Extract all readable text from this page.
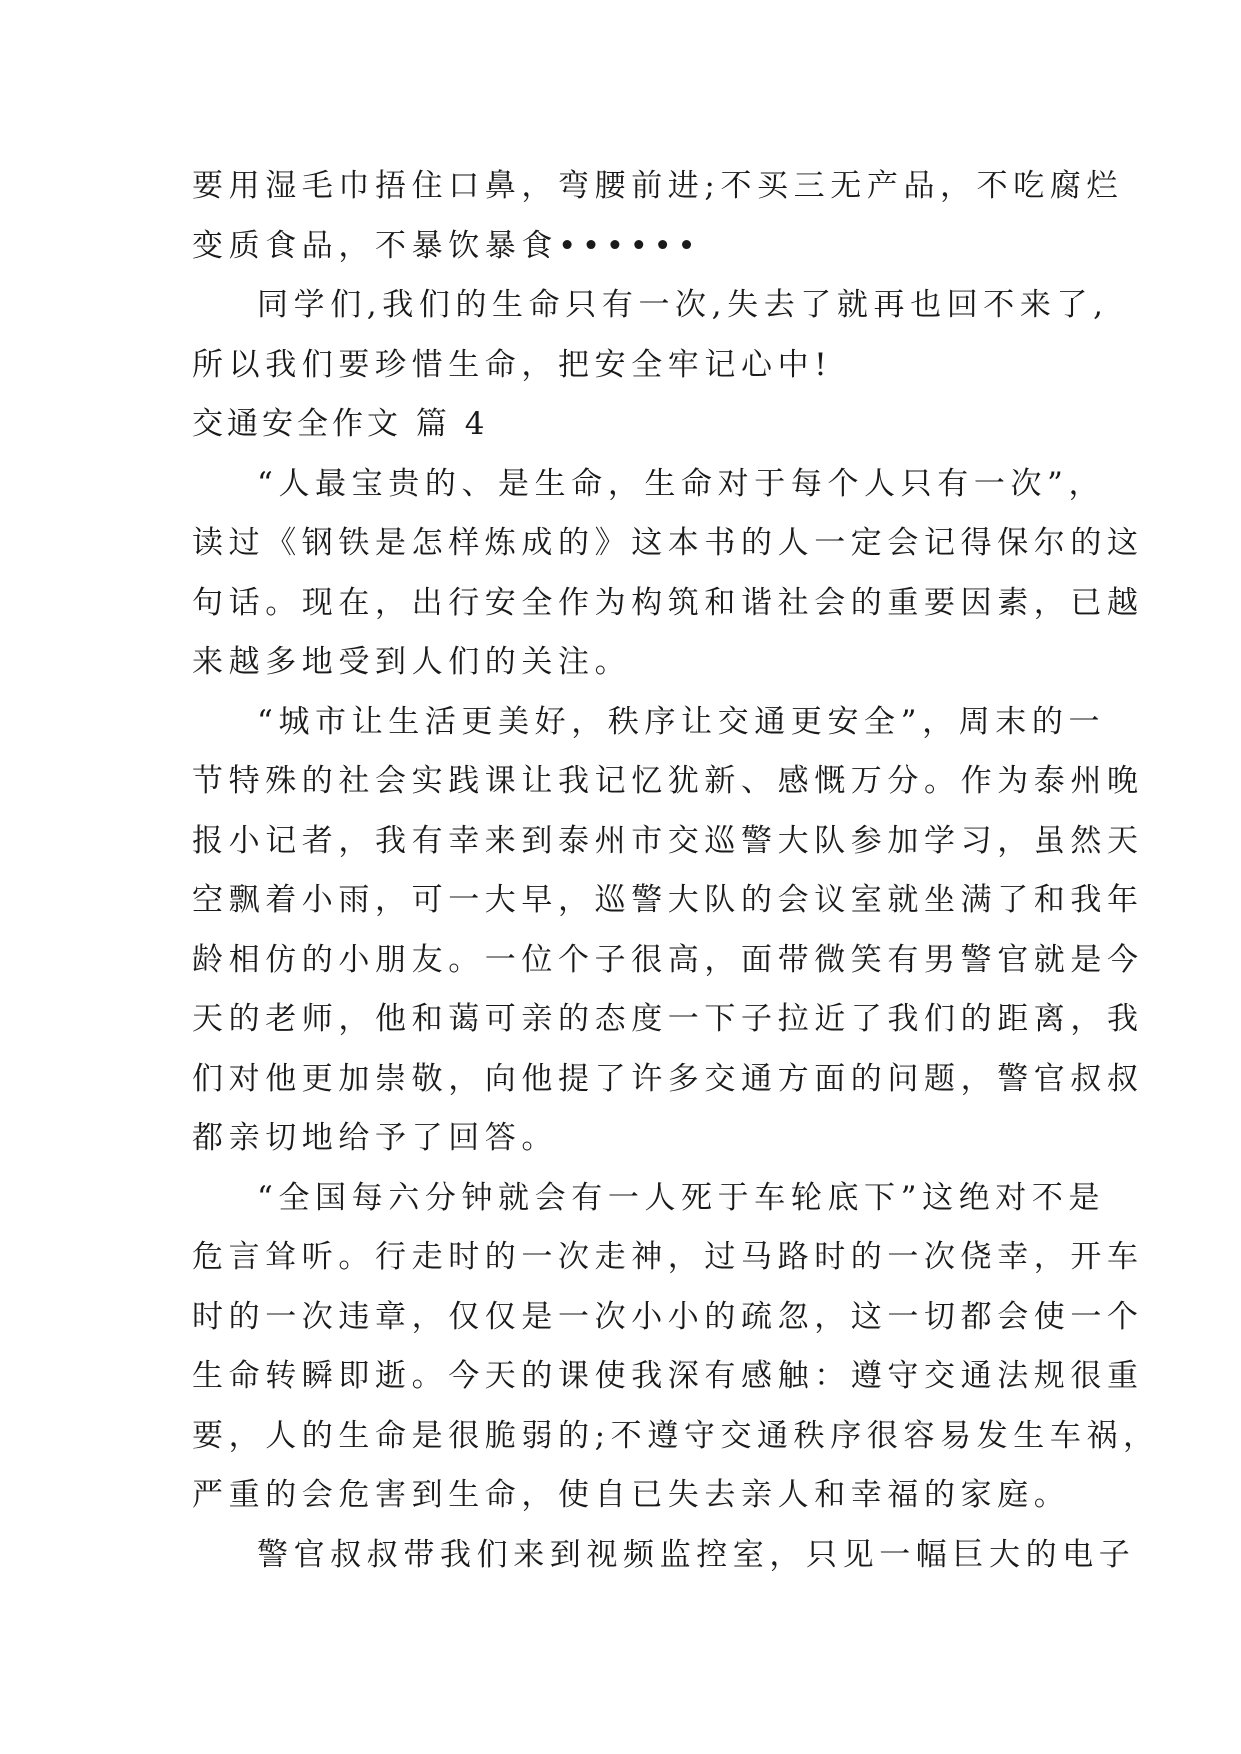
要用湿毛巾捂住口鼻，弯腰前进;不买三无产品，不吃腐烂
变质食品，不暴饮暴食••••••

同学们,我们的生命只有一次,失去了就再也回不来了,
所以我们要珍惜生命，把安全牢记心中!

交通安全作文 篇 4

“人最宝贵的、是生命，生命对于每个人只有一次”，
读过《钢铁是怎样炼成的》这本书的人一定会记得保尔的这
句话。现在，出行安全作为构筑和谐社会的重要因素，已越
来越多地受到人们的关注。

“城市让生活更美好，秩序让交通更安全”，周末的一
节特殊的社会实践课让我记忆犹新、感慨万分。作为泰州晚
报小记者，我有幸来到泰州市交巡警大队参加学习，虽然天
空飘着小雨，可一大早，巡警大队的会议室就坐满了和我年
龄相仿的小朋友。一位个子很高，面带微笑有男警官就是今
天的老师，他和蔼可亲的态度一下子拉近了我们的距离，我
们对他更加崇敬，向他提了许多交通方面的问题，警官叔叔
都亲切地给予了回答。

“全国每六分钟就会有一人死于车轮底下”这绝对不是
危言耸听。行走时的一次走神，过马路时的一次侥幸，开车
时的一次违章，仅仅是一次小小的疏忽，这一切都会使一个
生命转瞬即逝。今天的课使我深有感触：遵守交通法规很重
要，人的生命是很脆弱的;不遵守交通秩序很容易发生车祸，
严重的会危害到生命，使自已失去亲人和幸福的家庭。

警官叔叔带我们来到视频监控室，只见一幅巨大的电子
